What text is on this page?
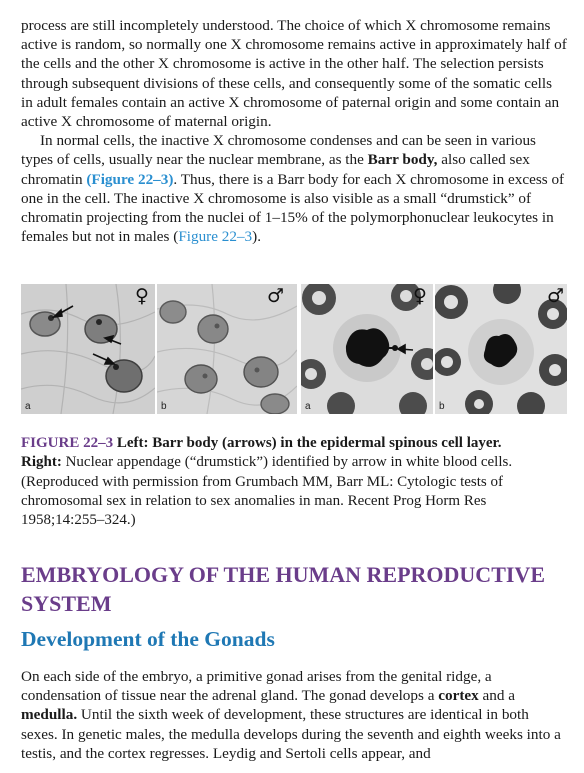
process are still incompletely understood. The choice of which X chromosome remains active is random, so normally one X chromosome remains active in approximately half of the cells and the other X chromosome is active in the other half. The selection persists through subsequent divisions of these cells, and consequently some of the somatic cells in adult females contain an active X chromosome of paternal origin and some contain an active X chromosome of maternal origin.

In normal cells, the inactive X chromosome condenses and can be seen in various types of cells, usually near the nuclear membrane, as the Barr body, also called sex chromatin (Figure 22–3). Thus, there is a Barr body for each X chromosome in excess of one in the cell. The inactive X chromosome is also visible as a small “drumstick” of chromatin projecting from the nuclei of 1–15% of the polymorphonuclear leukocytes in females but not in males (Figure 22–3).

♀
a
♂
b
♀
a
♂
b

FIGURE 22–3 Left: Barr body (arrows) in the epidermal spinous cell layer.
Right: Nuclear appendage (“drumstick”) identified by arrow in white blood cells. (Reproduced with permission from Grumbach MM, Barr ML: Cytologic tests of chromosomal sex in relation to sex anomalies in man. Recent Prog Horm Res 1958;14:255–324.)

EMBRYOLOGY OF THE HUMAN REPRODUCTIVE SYSTEM
Development of the Gonads

On each side of the embryo, a primitive gonad arises from the genital ridge, a condensation of tissue near the adrenal gland. The gonad develops a cortex and a medulla. Until the sixth week of development, these structures are identical in both sexes. In genetic males, the medulla develops during the seventh and eighth weeks into a testis, and the cortex regresses. Leydig and Sertoli cells appear, and
